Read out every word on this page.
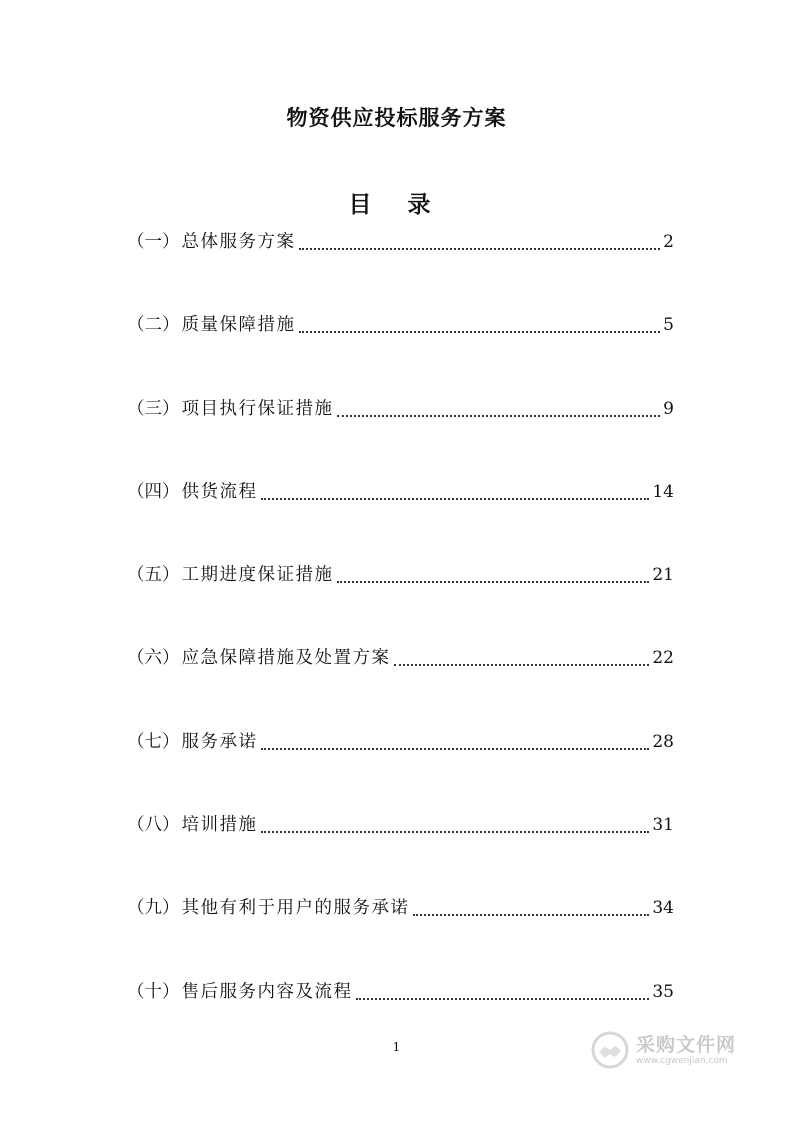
物资供应投标服务方案
目 录
（一） 总体服务方案	2
（二） 质量保障措施	5
（三） 项目执行保证措施	9
（四） 供货流程	14
（五） 工期进度保证措施	21
（六） 应急保障措施及处置方案	22
（七） 服务承诺	28
（八） 培训措施	31
（九） 其他有利于用户的服务承诺	34
（十） 售后服务内容及流程	35
1	采购文件网
www.cgwenjian.com
